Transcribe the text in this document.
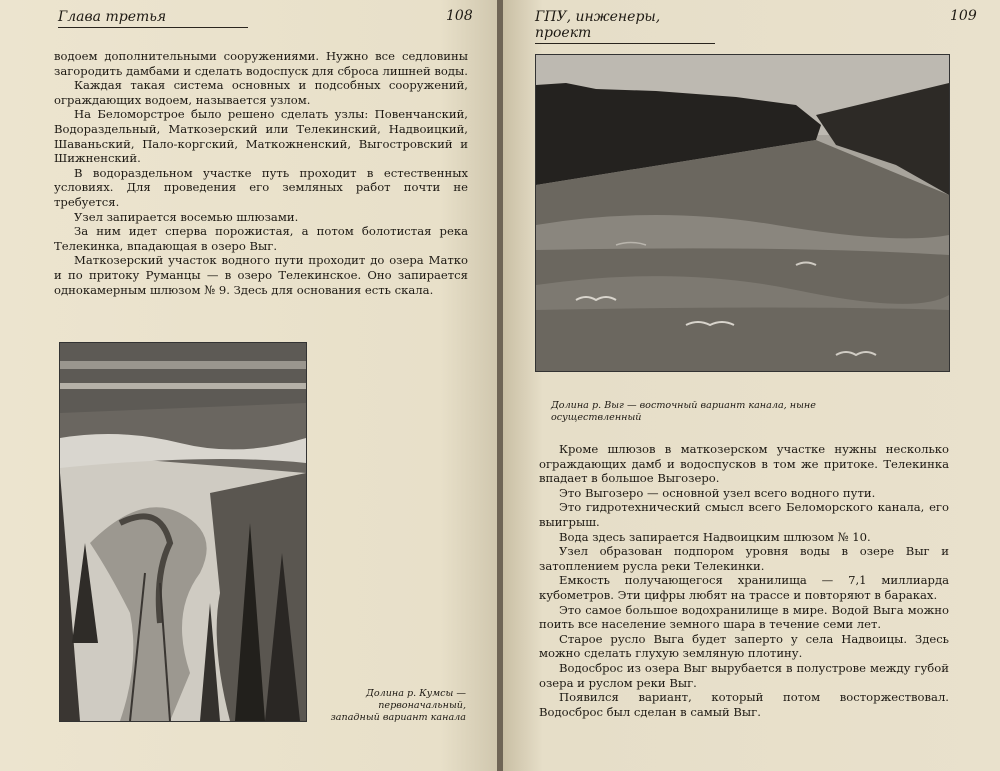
Глава третья	108

водоем дополнительными сооружениями. Нужно все седловины загородить дамбами и сделать водоспуск для сброса лишней воды.

Каждая такая система основных и подсобных сооружений, ограждающих водоем, называется узлом.

На Беломорстрое было решено сделать узлы: Повенчанский, Водораздельный, Маткозерский или Телекинский, Надвоицкий, Шаваньский, Пало-коргский, Маткожненский, Выгостровский и Шижненский.

В водораздельном участке путь проходит в естественных условиях. Для проведения его земляных работ почти не требуется.

Узел запирается восемью шлюзами.

За ним идет сперва порожистая, а потом болотистая река Телекинка, впадающая в озеро Выг.

Маткозерский участок водного пути проходит до озера Матко и по притоку Руманцы — в озеро Телекинское. Оно запирается однокамерным шлюзом № 9. Здесь для основания есть скала.

Долина р. Кумсы — первоначальный, западный вариант канала
ГПУ, инженеры, проект
109
Долина р. Выг — восточный вариант канала, ныне осуществленный

Кроме шлюзов в маткозерском участке нужны несколько ограждающих дамб и водоспусков в том же притоке. Телекинка впадает в большое Выгозеро.

Это Выгозеро — основной узел всего водного пути.

Это гидротехнический смысл всего Беломорского канала, его выигрыш.

Вода здесь запирается Надвоицким шлюзом № 10.

Узел образован подпором уровня воды в озере Выг и затоплением русла реки Телекинки.

Емкость получающегося хранилища — 7,1 миллиарда кубометров. Эти цифры любят на трассе и повторяют в бараках.

Это самое большое водохранилище в мире. Водой Выга можно поить все население земного шара в течение семи лет.

Старое русло Выга будет заперто у села Надвоицы. Здесь можно сделать глухую земляную плотину.

Водосброс из озера Выг вырубается в полустрове между губой озера и руслом реки Выг.

Появился вариант, который потом восторжествовал. Водосброс был сделан в самый Выг.
